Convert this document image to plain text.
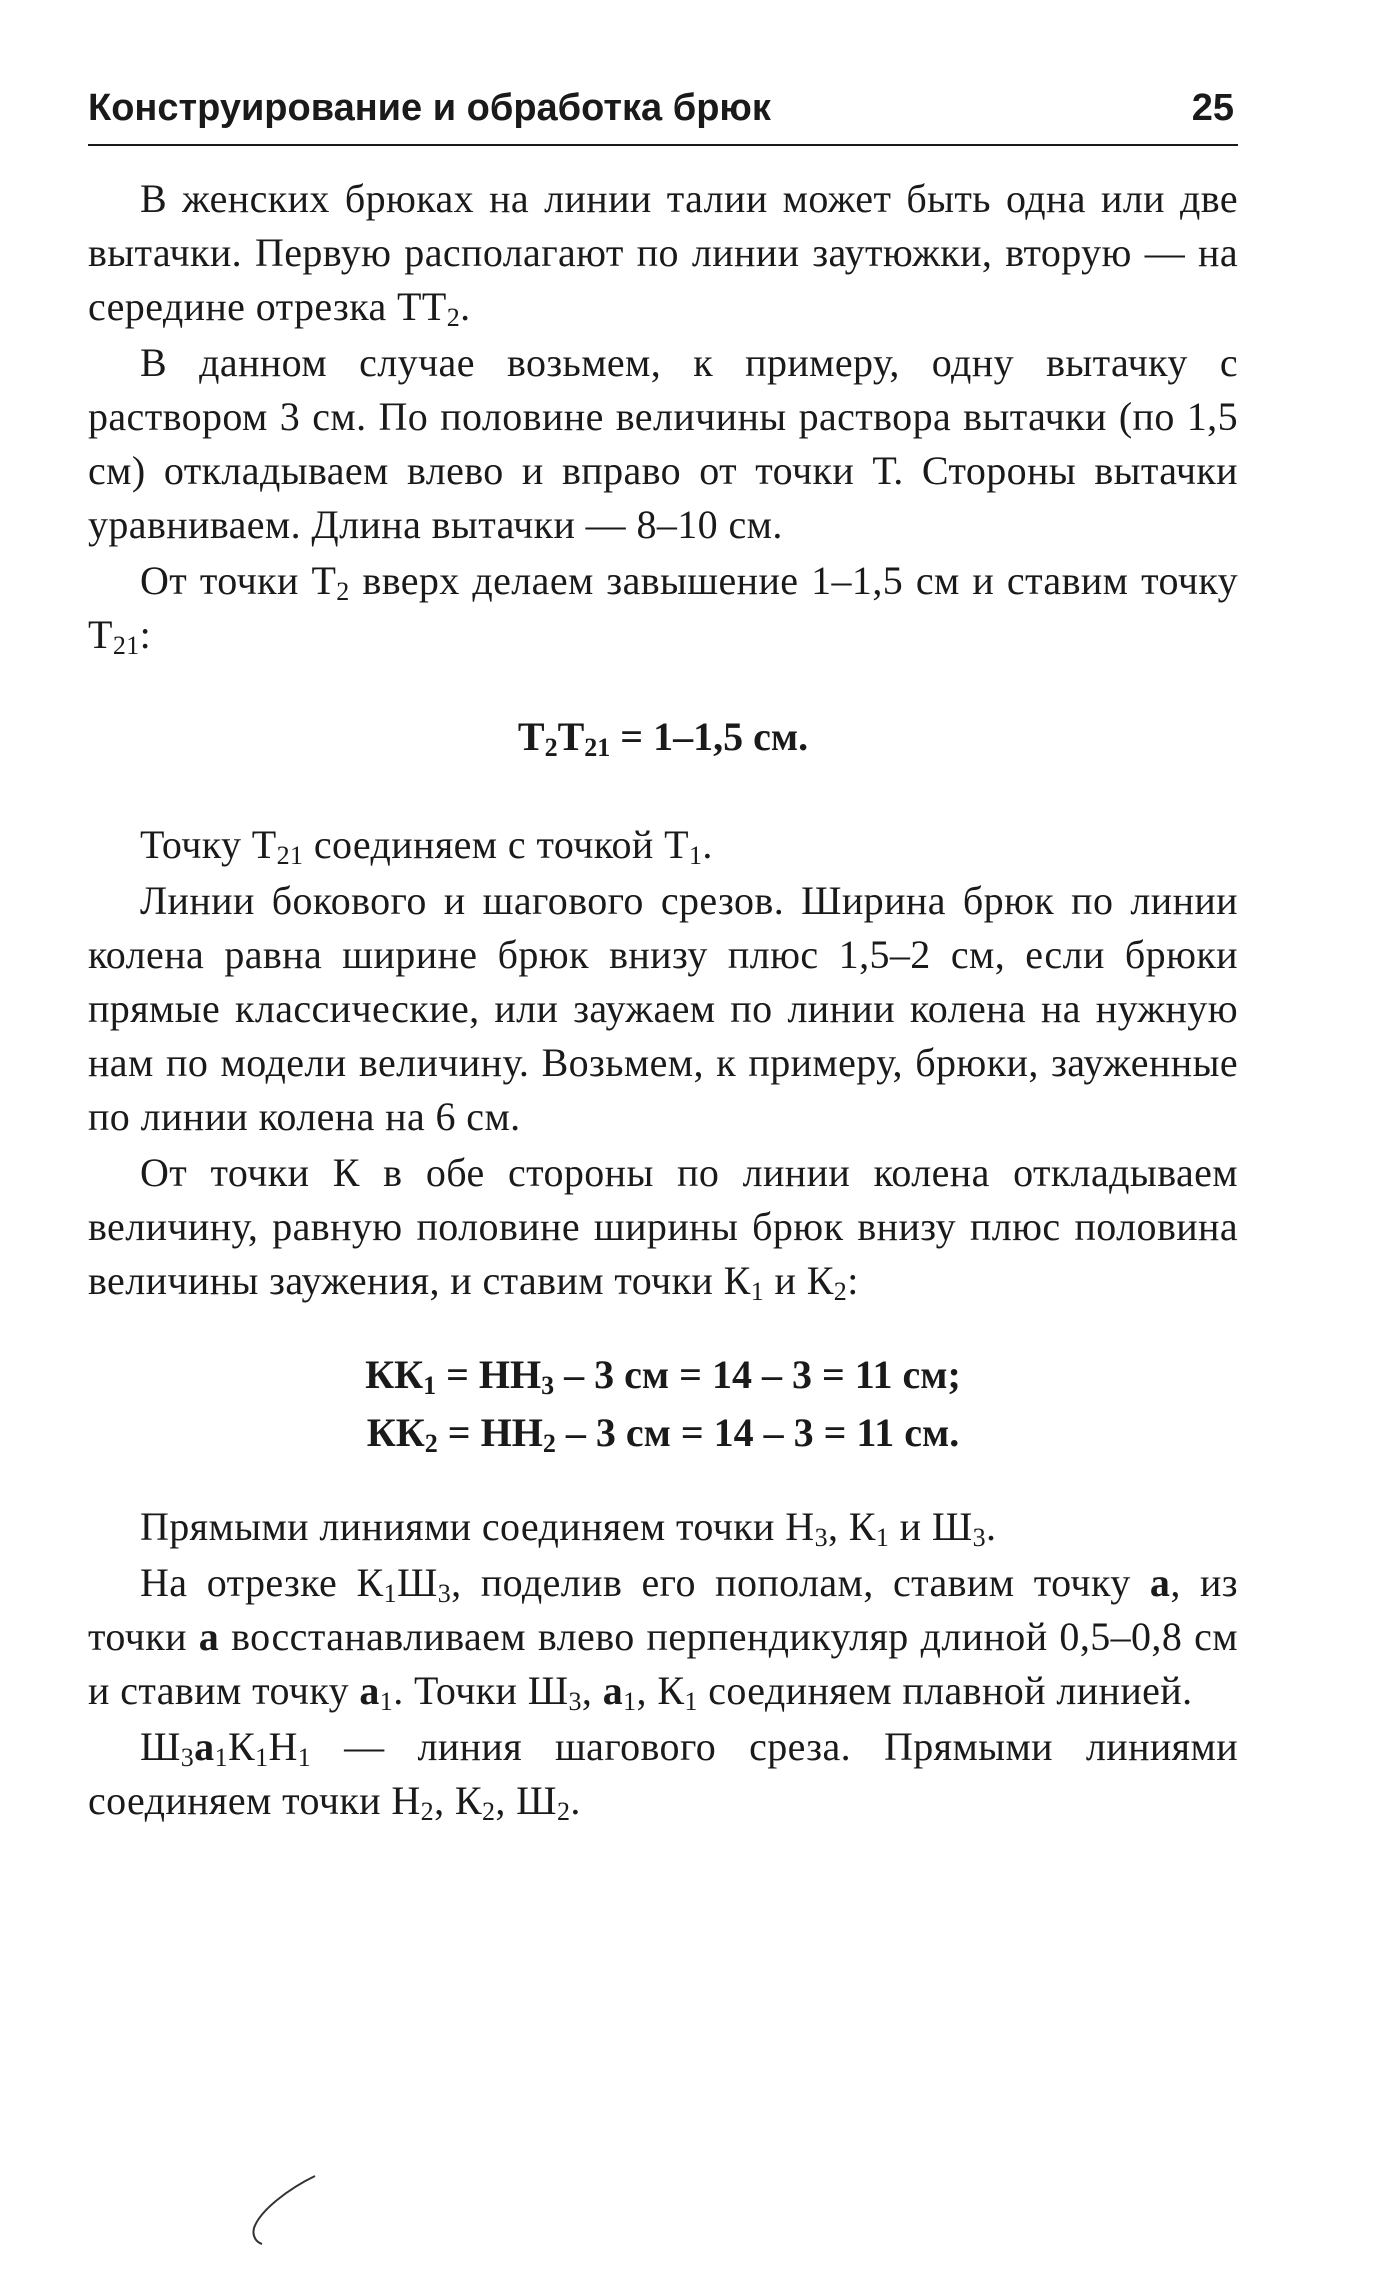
Конструирование и обработка брюк	25

В женских брюках на линии талии может быть одна или две вытачки. Первую располагают по линии заутюжки, вторую — на середине отрезка $ТТ_2$.

В данном случае возьмем, к примеру, одну вытачку с раствором 3 см. По половине величины раствора вытачки (по 1,5 см) откладываем влево и вправо от точки Т. Стороны вытачки уравниваем. Длина вытачки — 8–10 см.

От точки $Т_2$ вверх делаем завышение 1–1,5 см и ставим точку $Т_{21}$:

$Т_2Т_{21} = 1-1,5$ см.

Точку $Т_{21}$ соединяем с точкой $Т_1$.

Линии бокового и шагового срезов. Ширина брюк по линии колена равна ширине брюк внизу плюс 1,5–2 см, если брюки прямые классические, или заужаем по линии колена на нужную нам по модели величину. Возьмем, к примеру, брюки, зауженные по линии колена на 6 см.

От точки К в обе стороны по линии колена откладываем величину, равную половине ширины брюк внизу плюс половина величины заужения, и ставим точки $К_1$ и $К_2$:

$КК_1 = НН_3 - 3$ см = 14 – 3 = 11 см;
$КК_2 = НН_2 - 3$ см = 14 – 3 = 11 см.

Прямыми линиями соединяем точки $Н_3$, $К_1$ и $Ш_3$.

На отрезке $К_1Ш_3$, поделив его пополам, ставим точку а, из точки а восстанавливаем влево перпендикуляр длиной 0,5–0,8 см и ставим точку $а_1$. Точки $Ш_3$, $а_1$, $К_1$ соединяем плавной линией.

$Ш_3а_1К_1Н_1$ — линия шагового среза. Прямыми линиями соединяем точки $Н_2$, $К_2$, $Ш_2$.
